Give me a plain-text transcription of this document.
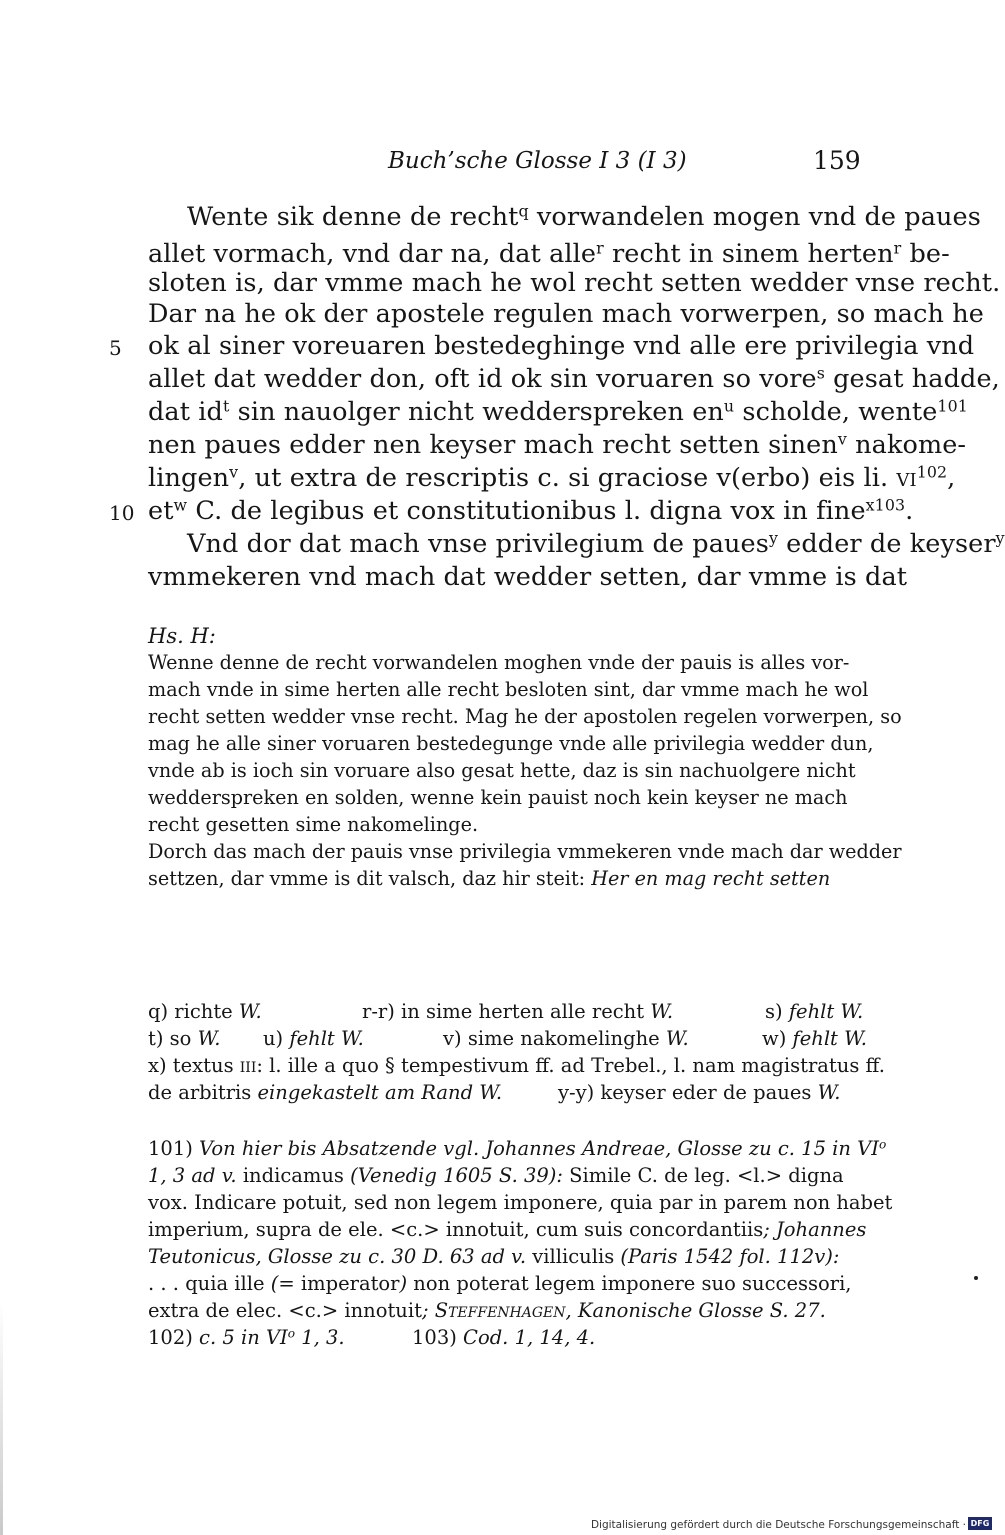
Buch’sche Glosse I 3 (I 3)	159
Wente sik denne de recht$^q$ vorwandelen mogen vnd de paues
allet vormach, vnd dar na, dat alle$^r$ recht in sinem herten$^r$ be-
sloten is, dar vmme mach he wol recht setten wedder vnse recht.
Dar na he ok der apostele regulen mach vorwerpen, so mach he
5 ok al siner voreuaren bestedeghinge vnd alle ere privilegia vnd
allet dat wedder don, oft id ok sin voruaren so vore$^s$ gesat hadde,
dat $id^t$ sin nauolger nicht wedderspreken $en^u$ scholde, wente$^{101}$
nen paues edder nen keyser mach recht setten sinen$^v$ nakome-
lingen$^v$, ut extra de rescriptis c. si graciose v(erbo) eis li. $vi^{102}$,
10 $et^w$ C. de legibus et constitutionibus l. digna vox in fine$^{x103}$.
Vnd dor dat mach vnse privilegium de paues$^y$ edder de keyser$^y$
vmmekeren vnd mach dat wedder setten, dar vmme is dat
Hs. H:
Wenne denne de recht vorwandelen moghen vnde der pauis is alles vor-
mach vnde in sime herten alle recht besloten sint, dar vmme mach he wol
recht setten wedder vnse recht. Mag he der apostolen regelen vorwerpen, so
mag he alle siner voruaren bestedegunge vnde alle privilegia wedder dun,
vnde ab is ioch sin voruare also gesat hette, daz is sin nachuolgere nicht
wedderspreken en solden, wenne kein pauist noch kein keyser ne mach
recht gesetten sime nakomelinge.
Dorch das mach der pauis vnse privilegia vmmekeren vnde mach dar wedder
settzen, dar vmme is dit valsch, daz hir steit: Her en mag recht setten
q) richte W.	r-r) in sime herten alle recht W.	s) fehlt W.
t) so W. u) fehlt W.	v) sime nakomelinghe W.	w) fehlt W.
x) textus iii: l. ille a quo § tempestivum ff. ad Trebel., l. nam magistratus ff.
de arbitris eingekastelt am Rand W.	y-y) keyser eder de paues W.
101) Von hier bis Absatzende vgl. Johannes Andreae, Glosse zu c. 15 in $VI^o$
1, 3 ad v. indicamus (Venedig 1605 S. 39): Simile C. de leg. <l.> digna
vox. Indicare potuit, sed non legem imponere, quia par in parem non habet
imperium, supra de ele. <c.> innotuit, cum suis concordantiis; Johannes
Teutonicus, Glosse zu c. 30 D. 63 ad v. villiculis (Paris 1542 fol. 112v):
. . . quia ille (= imperator) non poterat legem imponere suo successori,
extra de elec. <c.> innotuit; Steffenhagen, Kanonische Glosse S. 27.
102) c. 5 in $VI^o$ 1, 3.	103) Cod. 1, 14, 4.
Digitalisierung gefördert durch die Deutsche Forschungsgemeinschaft · DFG
